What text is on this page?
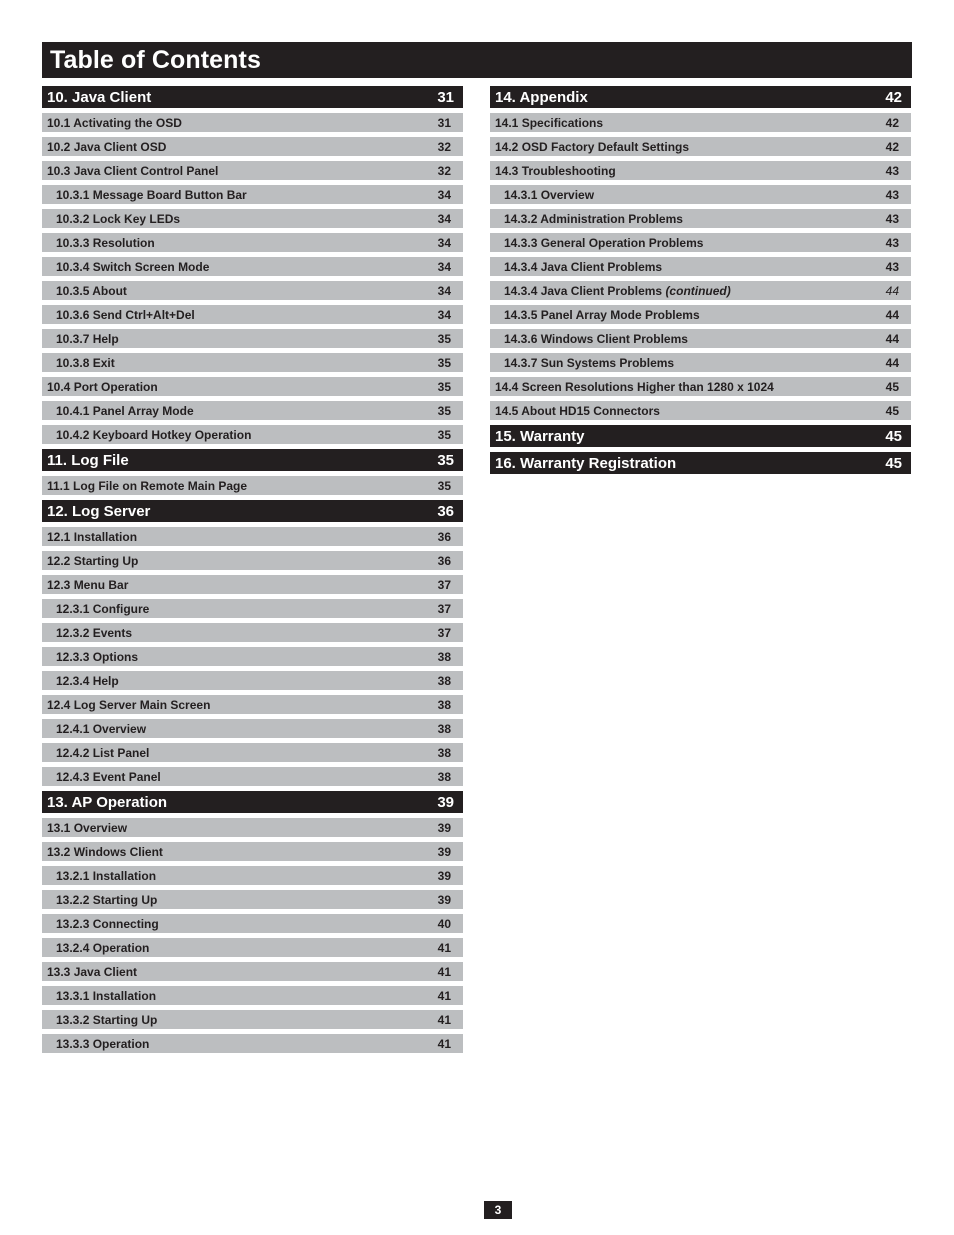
Table of Contents
10. Java Client	31
10.1 Activating the OSD	31
10.2 Java Client OSD	32
10.3 Java Client Control Panel	32
10.3.1 Message Board Button Bar	34
10.3.2 Lock Key LEDs	34
10.3.3 Resolution	34
10.3.4 Switch Screen Mode	34
10.3.5 About	34
10.3.6 Send Ctrl+Alt+Del	34
10.3.7 Help	35
10.3.8 Exit	35
10.4 Port Operation	35
10.4.1 Panel Array Mode	35
10.4.2 Keyboard Hotkey Operation	35
11. Log File	35
11.1 Log File on Remote Main Page	35
12. Log Server	36
12.1 Installation	36
12.2 Starting Up	36
12.3 Menu Bar	37
12.3.1 Configure	37
12.3.2 Events	37
12.3.3 Options	38
12.3.4 Help	38
12.4 Log Server Main Screen	38
12.4.1 Overview	38
12.4.2 List Panel	38
12.4.3 Event Panel	38
13. AP Operation	39
13.1 Overview	39
13.2 Windows Client	39
13.2.1 Installation	39
13.2.2 Starting Up	39
13.2.3 Connecting	40
13.2.4 Operation	41
13.3 Java Client	41
13.3.1 Installation	41
13.3.2 Starting Up	41
13.3.3 Operation	41
14. Appendix	42
14.1 Specifications	42
14.2 OSD Factory Default Settings	42
14.3 Troubleshooting	43
14.3.1 Overview	43
14.3.2 Administration Problems	43
14.3.3 General Operation Problems	43
14.3.4 Java Client Problems	43
14.3.4 Java Client Problems (continued)	44
14.3.5 Panel Array Mode Problems	44
14.3.6 Windows Client Problems	44
14.3.7 Sun Systems Problems	44
14.4 Screen Resolutions Higher than 1280 x 1024	45
14.5 About HD15 Connectors	45
15. Warranty	45
16. Warranty Registration	45
3
